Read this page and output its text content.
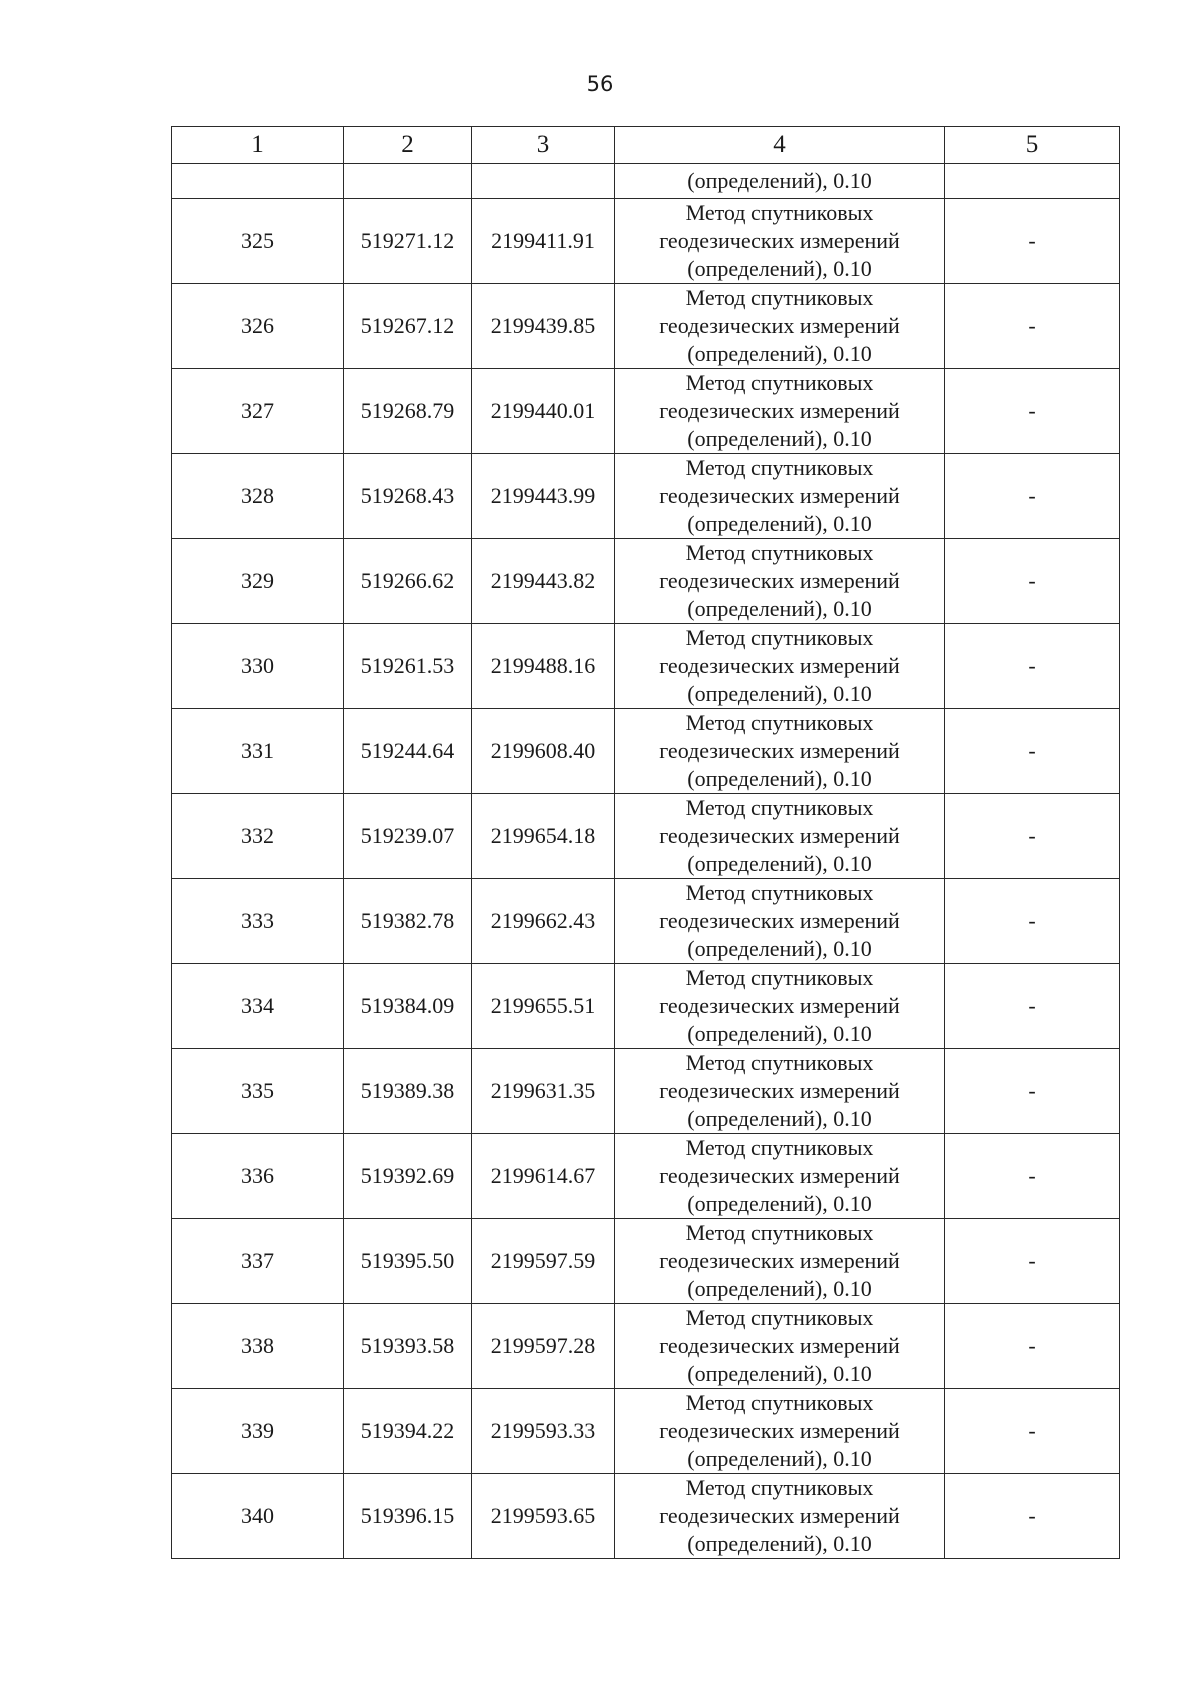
56
1	2	3	4	5
			(определений), 0.10	
325	519271.12	2199411.91	Метод спутниковых
геодезических измерений
(определений), 0.10	-
326	519267.12	2199439.85	Метод спутниковых
геодезических измерений
(определений), 0.10	-
327	519268.79	2199440.01	Метод спутниковых
геодезических измерений
(определений), 0.10	-
328	519268.43	2199443.99	Метод спутниковых
геодезических измерений
(определений), 0.10	-
329	519266.62	2199443.82	Метод спутниковых
геодезических измерений
(определений), 0.10	-
330	519261.53	2199488.16	Метод спутниковых
геодезических измерений
(определений), 0.10	-
331	519244.64	2199608.40	Метод спутниковых
геодезических измерений
(определений), 0.10	-
332	519239.07	2199654.18	Метод спутниковых
геодезических измерений
(определений), 0.10	-
333	519382.78	2199662.43	Метод спутниковых
геодезических измерений
(определений), 0.10	-
334	519384.09	2199655.51	Метод спутниковых
геодезических измерений
(определений), 0.10	-
335	519389.38	2199631.35	Метод спутниковых
геодезических измерений
(определений), 0.10	-
336	519392.69	2199614.67	Метод спутниковых
геодезических измерений
(определений), 0.10	-
337	519395.50	2199597.59	Метод спутниковых
геодезических измерений
(определений), 0.10	-
338	519393.58	2199597.28	Метод спутниковых
геодезических измерений
(определений), 0.10	-
339	519394.22	2199593.33	Метод спутниковых
геодезических измерений
(определений), 0.10	-
340	519396.15	2199593.65	Метод спутниковых
геодезических измерений
(определений), 0.10	-
